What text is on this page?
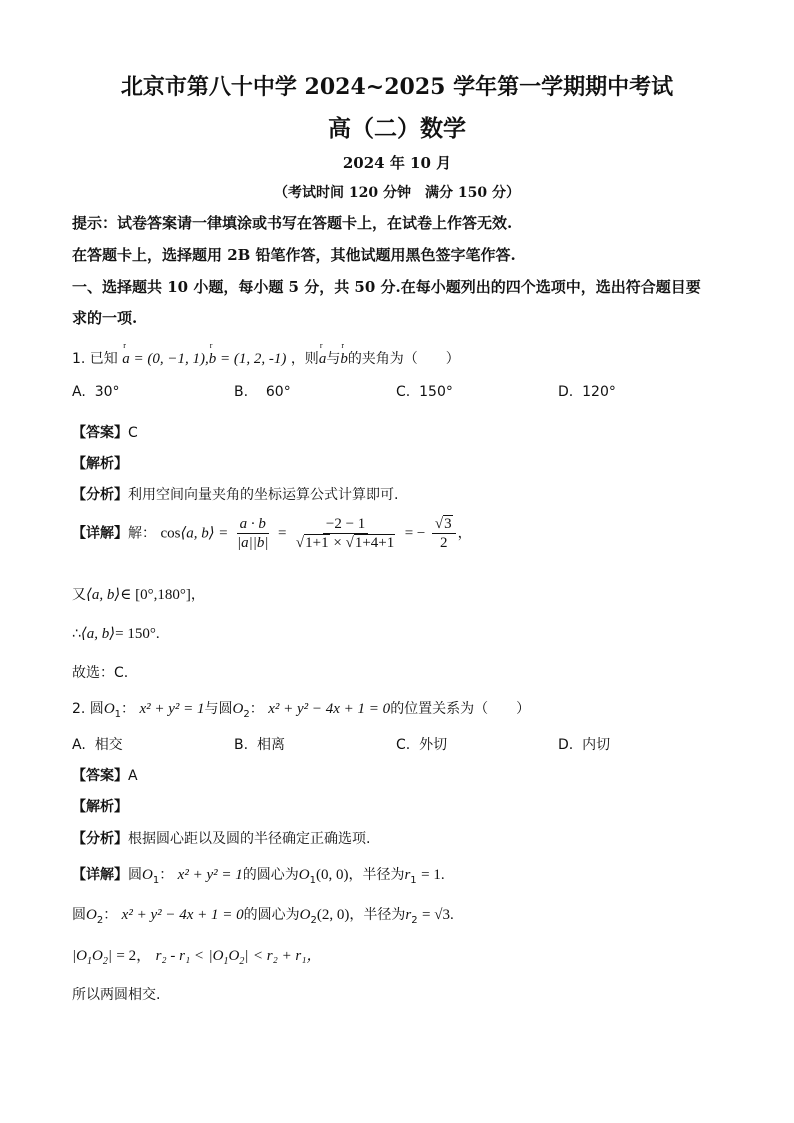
北京市第八十中学 2024~2025 学年第一学期期中考试
高（二）数学
2024 年 10 月
（考试时间 120 分钟　满分 150 分）
提示：试卷答案请一律填涂或书写在答题卡上，在试卷上作答无效.
在答题卡上，选择题用 2B 铅笔作答，其他试题用黑色签字笔作答.
一、选择题共 10 小题，每小题 5 分，共 50 分.在每小题列出的四个选项中，选出符合题目要
求的一项.
1. 已知 r a = (0, −1, 1),r b = (1, 2, -1) ，则r a与r b的夹角为（　　）
A. 30°	B. 60°	C. 150°	D. 120°
【答案】C
【解析】
【分析】利用空间向量夹角的坐标运算公式计算即可.
【详解】解： cos⟨a, b⟩ = $\frac{a \cdot b}{|a||b|} = \frac{-2 - 1}{√1+1 \times √1+4+1}$ = − $\frac{√3}{2}$ ，
又⟨a, b⟩∈ [0°,180°]，
∴⟨a, b⟩= 150°.
故选：C.
2. 圆$O_1$： x² + y² = 1与圆$O_2$： x² + y² − 4x + 1 = 0的位置关系为（　　）
A. 相交	B. 相离	C. 外切	D. 内切
【答案】A
【解析】
【分析】根据圆心距以及圆的半径确定正确选项.
【详解】圆$O_1$： x² + y² = 1的圆心为$O_1(0$, 0)，半径为$r_1 = 1$.
圆$O_2$： x² + y² − 4x + 1 = 0的圆心为$O_2(2$, 0)，半径为$r_2 = √3$.
$|O_1O_2| = 2$， $r_2 - r_1 < |O_1O_2| < r_2 + r_1$，
所以两圆相交.
